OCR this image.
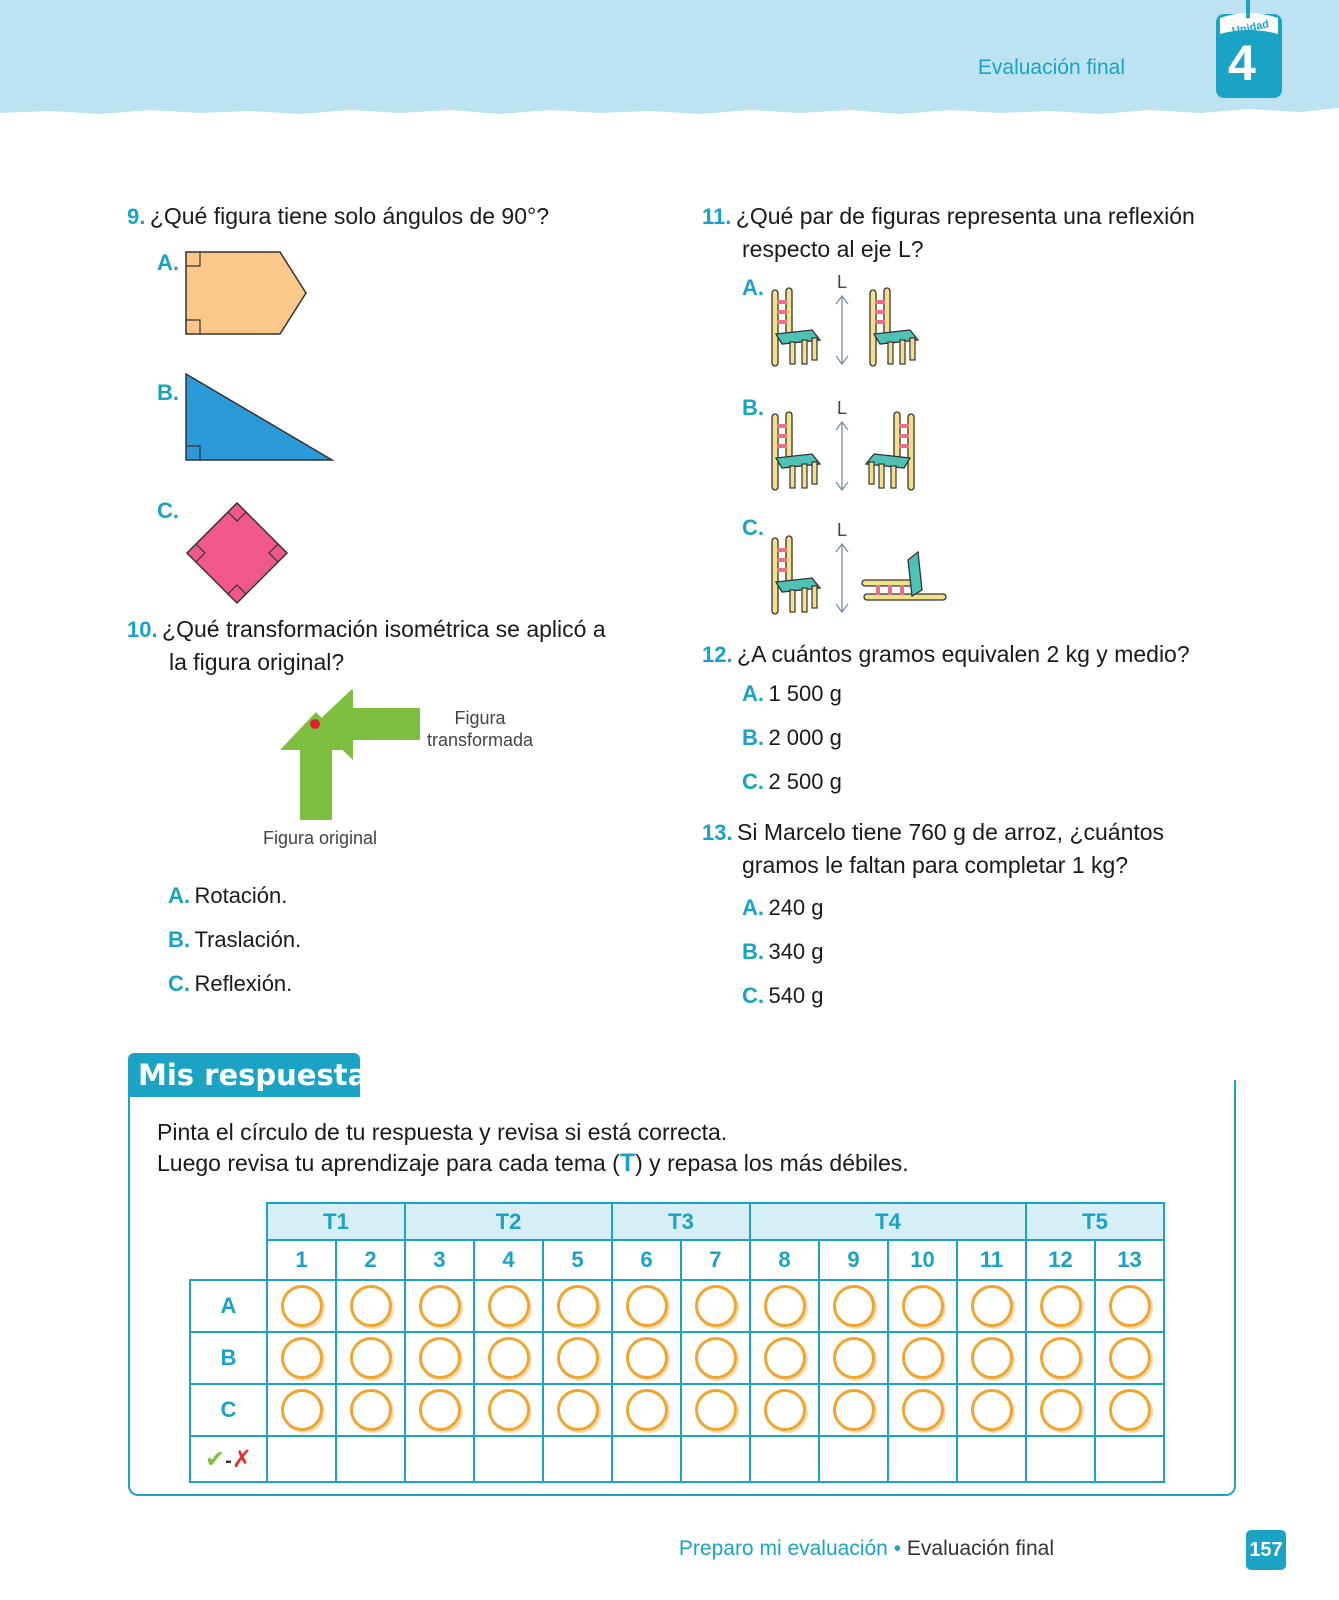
Evaluación final
Unidad
4
9. ¿Qué figura tiene solo ángulos de 90°?
A.
B.
C.
10. ¿Qué transformación isométrica se aplicó a
la figura original?
Figura
transformada
Figura original
A. Rotación.
B. Traslación.
C. Reflexión.
11. ¿Qué par de figuras representa una reflexión
respecto al eje L?
A.
B.
C.
L
L
L
12. ¿A cuántos gramos equivalen 2 kg y medio?
A. 1 500 g
B. 2 000 g
C. 2 500 g
13. Si Marcelo tiene 760 g de arroz, ¿cuántos
gramos le faltan para completar 1 kg?
A. 240 g
B. 340 g
C. 540 g
Mis respuestas
Pinta el círculo de tu respuesta y revisa si está correcta.
Luego revisa tu aprendizaje para cada tema (T) y repasa los más débiles.
	T1		T2			T3		T4				T5	
	1	2	3	4	5	6	7	8	9	10	11	12	13
A													
B													
C													
✔-✗													
Preparo mi evaluación • Evaluación final	157
